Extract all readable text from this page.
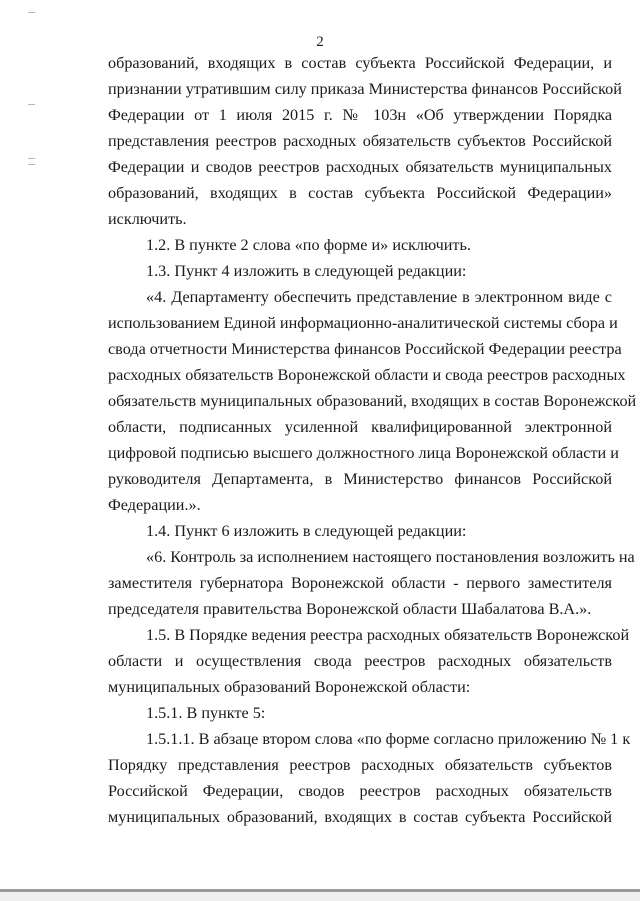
2
образований, входящих в состав субъекта Российской Федерации, и
признании утратившим силу приказа Министерства финансов Российской
Федерации от 1 июля 2015 г. № 103н «Об утверждении Порядка
представления реестров расходных обязательств субъектов Российской
Федерации и сводов реестров расходных обязательств муниципальных
образований, входящих в состав субъекта Российской Федерации»
исключить.
1.2. В пункте 2 слова «по форме и» исключить.
1.3. Пункт 4 изложить в следующей редакции:
«4. Департаменту обеспечить представление в электронном виде с
использованием Единой информационно-аналитической системы сбора и
свода отчетности Министерства финансов Российской Федерации реестра
расходных обязательств Воронежской области и свода реестров расходных
обязательств муниципальных образований, входящих в состав Воронежской
области, подписанных усиленной квалифицированной электронной
цифровой подписью высшего должностного лица Воронежской области и
руководителя Департамента, в Министерство финансов Российской
Федерации.».
1.4. Пункт 6 изложить в следующей редакции:
«6. Контроль за исполнением настоящего постановления возложить на
заместителя губернатора Воронежской области - первого заместителя
председателя правительства Воронежской области Шабалатова В.А.».
1.5. В Порядке ведения реестра расходных обязательств Воронежской
области и осуществления свода реестров расходных обязательств
муниципальных образований Воронежской области:
1.5.1. В пункте 5:
1.5.1.1. В абзаце втором слова «по форме согласно приложению № 1 к
Порядку представления реестров расходных обязательств субъектов
Российской Федерации, сводов реестров расходных обязательств
муниципальных образований, входящих в состав субъекта Российской
